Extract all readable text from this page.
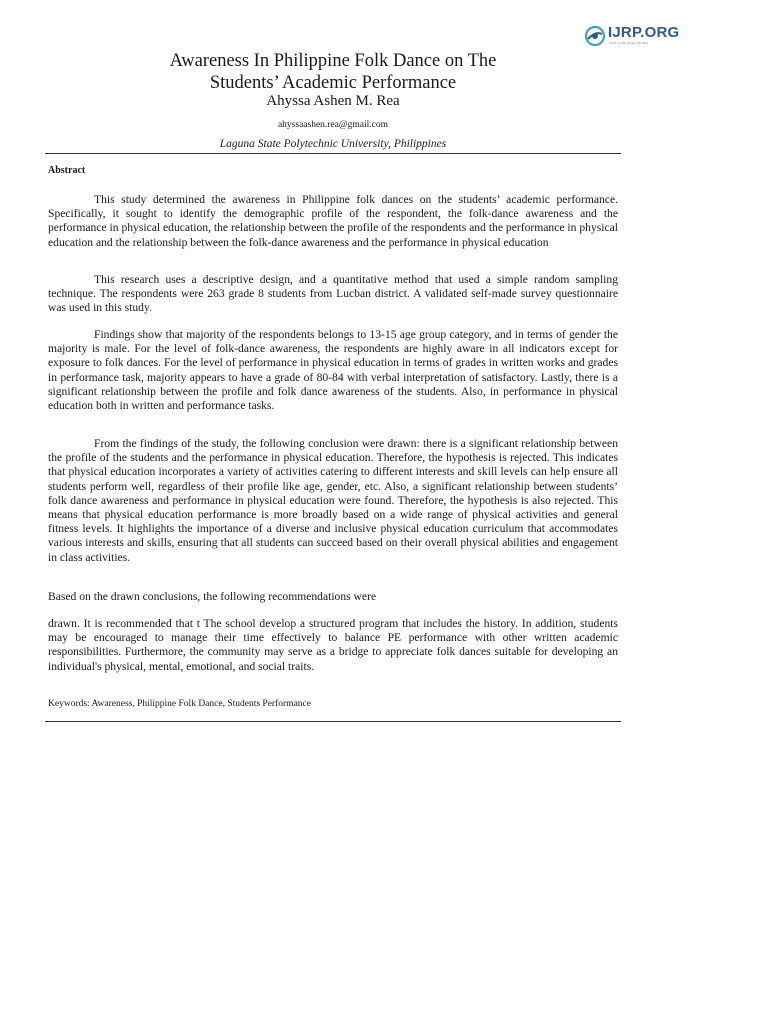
IJRP.ORG
ISSN: 2708-3578 (ONLINE)
Awareness In Philippine Folk Dance on The
Students’ Academic Performance

Ahyssa Ashen M. Rea

ahyssaashen.rea@gmail.com

Laguna State Polytechnic University, Philippines

Abstract

This study determined the awareness in Philippine folk dances on the students’ academic performance. Specifically, it sought to identify the demographic profile of the respondent, the folk-dance awareness and the performance in physical education, the relationship between the profile of the respondents and the performance in physical education and the relationship between the folk-dance awareness and the performance in physical education

This research uses a descriptive design, and a quantitative method that used a simple random sampling technique. The respondents were 263 grade 8 students from Lucban district. A validated self-made survey questionnaire was used in this study.

Findings show that majority of the respondents belongs to 13-15 age group category, and in terms of gender the majority is male. For the level of folk-dance awareness, the respondents are highly aware in all indicators except for exposure to folk dances. For the level of performance in physical education in terms of grades in written works and grades in performance task, majority appears to have a grade of 80-84 with verbal interpretation of satisfactory. Lastly, there is a significant relationship between the profile and folk dance awareness of the students. Also, in performance in physical education both in written and performance tasks.

From the findings of the study, the following conclusion were drawn: there is a significant relationship between the profile of the students and the performance in physical education. Therefore, the hypothesis is rejected. This indicates that physical education incorporates a variety of activities catering to different interests and skill levels can help ensure all students perform well, regardless of their profile like age, gender, etc. Also, a significant relationship between students’ folk dance awareness and performance in physical education were found. Therefore, the hypothesis is also rejected. This means that physical education performance is more broadly based on a wide range of physical activities and general fitness levels. It highlights the importance of a diverse and inclusive physical education curriculum that accommodates various interests and skills, ensuring that all students can succeed based on their overall physical abilities and engagement in class activities.

Based on the drawn conclusions, the following recommendations were

drawn. It is recommended that t The school develop a structured program that includes the history. In addition, students may be encouraged to manage their time effectively to balance PE performance with other written academic responsibilities. Furthermore, the community may serve as a bridge to appreciate folk dances suitable for developing an individual's physical, mental, emotional, and social traits.

Keywords: Awareness, Philippine Folk Dance, Students Performance
